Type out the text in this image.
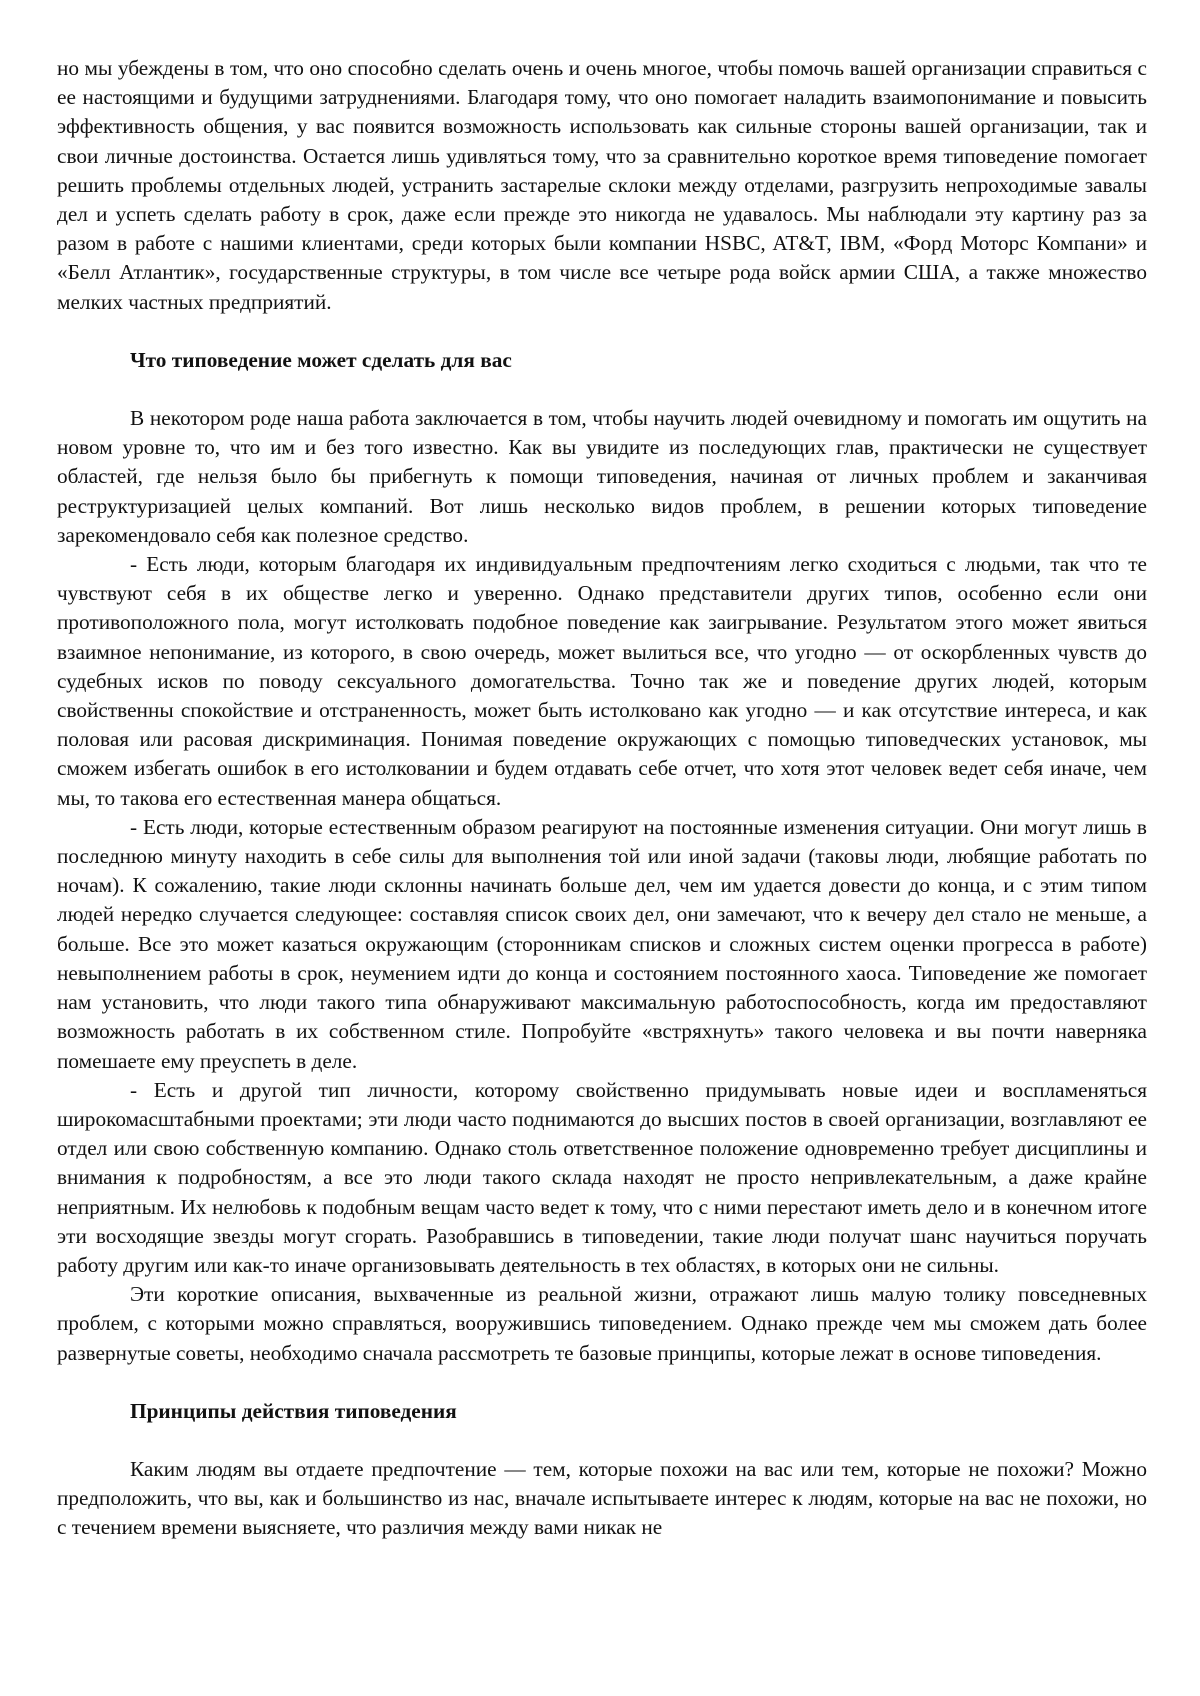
но мы убеждены в том, что оно способно сделать очень и очень многое, чтобы помочь вашей организации справиться с ее настоящими и будущими затруднениями. Благодаря тому, что оно помогает наладить взаимопонимание и повысить эффективность общения, у вас появится возможность использовать как сильные стороны вашей организации, так и свои личные достоинства. Остается лишь удивляться тому, что за сравнительно короткое время типоведение помогает решить проблемы отдельных людей, устранить застарелые склоки между отделами, разгрузить непроходимые завалы дел и успеть сделать работу в срок, даже если прежде это никогда не удавалось. Мы наблюдали эту картину раз за разом в работе с нашими клиентами, среди которых были компании HSBC, AT&T, IBM, «Форд Моторс Компани» и «Белл Атлантик», государственные структуры, в том числе все четыре рода войск армии США, а также множество мелких частных предприятий.

Что типоведение может сделать для вас

В некотором роде наша работа заключается в том, чтобы научить людей очевидному и помогать им ощутить на новом уровне то, что им и без того известно. Как вы увидите из последующих глав, практически не существует областей, где нельзя было бы прибегнуть к помощи типоведения, начиная от личных проблем и заканчивая реструктуризацией целых компаний. Вот лишь несколько видов проблем, в решении которых типоведение зарекомендовало себя как полезное средство.

- Есть люди, которым благодаря их индивидуальным предпочтениям легко сходиться с людьми, так что те чувствуют себя в их обществе легко и уверенно. Однако представители других типов, особенно если они противоположного пола, могут истолковать подобное поведение как заигрывание. Результатом этого может явиться взаимное непонимание, из которого, в свою очередь, может вылиться все, что угодно — от оскорбленных чувств до судебных исков по поводу сексуального домогательства. Точно так же и поведение других людей, которым свойственны спокойствие и отстраненность, может быть истолковано как угодно — и как отсутствие интереса, и как половая или расовая дискриминация. Понимая поведение окружающих с помощью типоведческих установок, мы сможем избегать ошибок в его истолковании и будем отдавать себе отчет, что хотя этот человек ведет себя иначе, чем мы, то такова его естественная манера общаться.

- Есть люди, которые естественным образом реагируют на постоянные изменения ситуации. Они могут лишь в последнюю минуту находить в себе силы для выполнения той или иной задачи (таковы люди, любящие работать по ночам). К сожалению, такие люди склонны начинать больше дел, чем им удается довести до конца, и с этим типом людей нередко случается следующее: составляя список своих дел, они замечают, что к вечеру дел стало не меньше, а больше. Все это может казаться окружающим (сторонникам списков и сложных систем оценки прогресса в работе) невыполнением работы в срок, неумением идти до конца и состоянием постоянного хаоса. Типоведение же помогает нам установить, что люди такого типа обнаруживают максимальную работоспособность, когда им предоставляют возможность работать в их собственном стиле. Попробуйте «встряхнуть» такого человека и вы почти наверняка помешаете ему преуспеть в деле.

- Есть и другой тип личности, которому свойственно придумывать новые идеи и воспламеняться широкомасштабными проектами; эти люди часто поднимаются до высших постов в своей организации, возглавляют ее отдел или свою собственную компанию. Однако столь ответственное положение одновременно требует дисциплины и внимания к подробностям, а все это люди такого склада находят не просто непривлекательным, а даже крайне неприятным. Их нелюбовь к подобным вещам часто ведет к тому, что с ними перестают иметь дело и в конечном итоге эти восходящие звезды могут сгорать. Разобравшись в типоведении, такие люди получат шанс научиться поручать работу другим или как-то иначе организовывать деятельность в тех областях, в которых они не сильны.

Эти короткие описания, выхваченные из реальной жизни, отражают лишь малую толику повседневных проблем, с которыми можно справляться, вооружившись типоведением. Однако прежде чем мы сможем дать более развернутые советы, необходимо сначала рассмотреть те базовые принципы, которые лежат в основе типоведения.

Принципы действия типоведения

Каким людям вы отдаете предпочтение — тем, которые похожи на вас или тем, которые не похожи? Можно предположить, что вы, как и большинство из нас, вначале испытываете интерес к людям, которые на вас не похожи, но с течением времени выясняете, что различия между вами никак не
